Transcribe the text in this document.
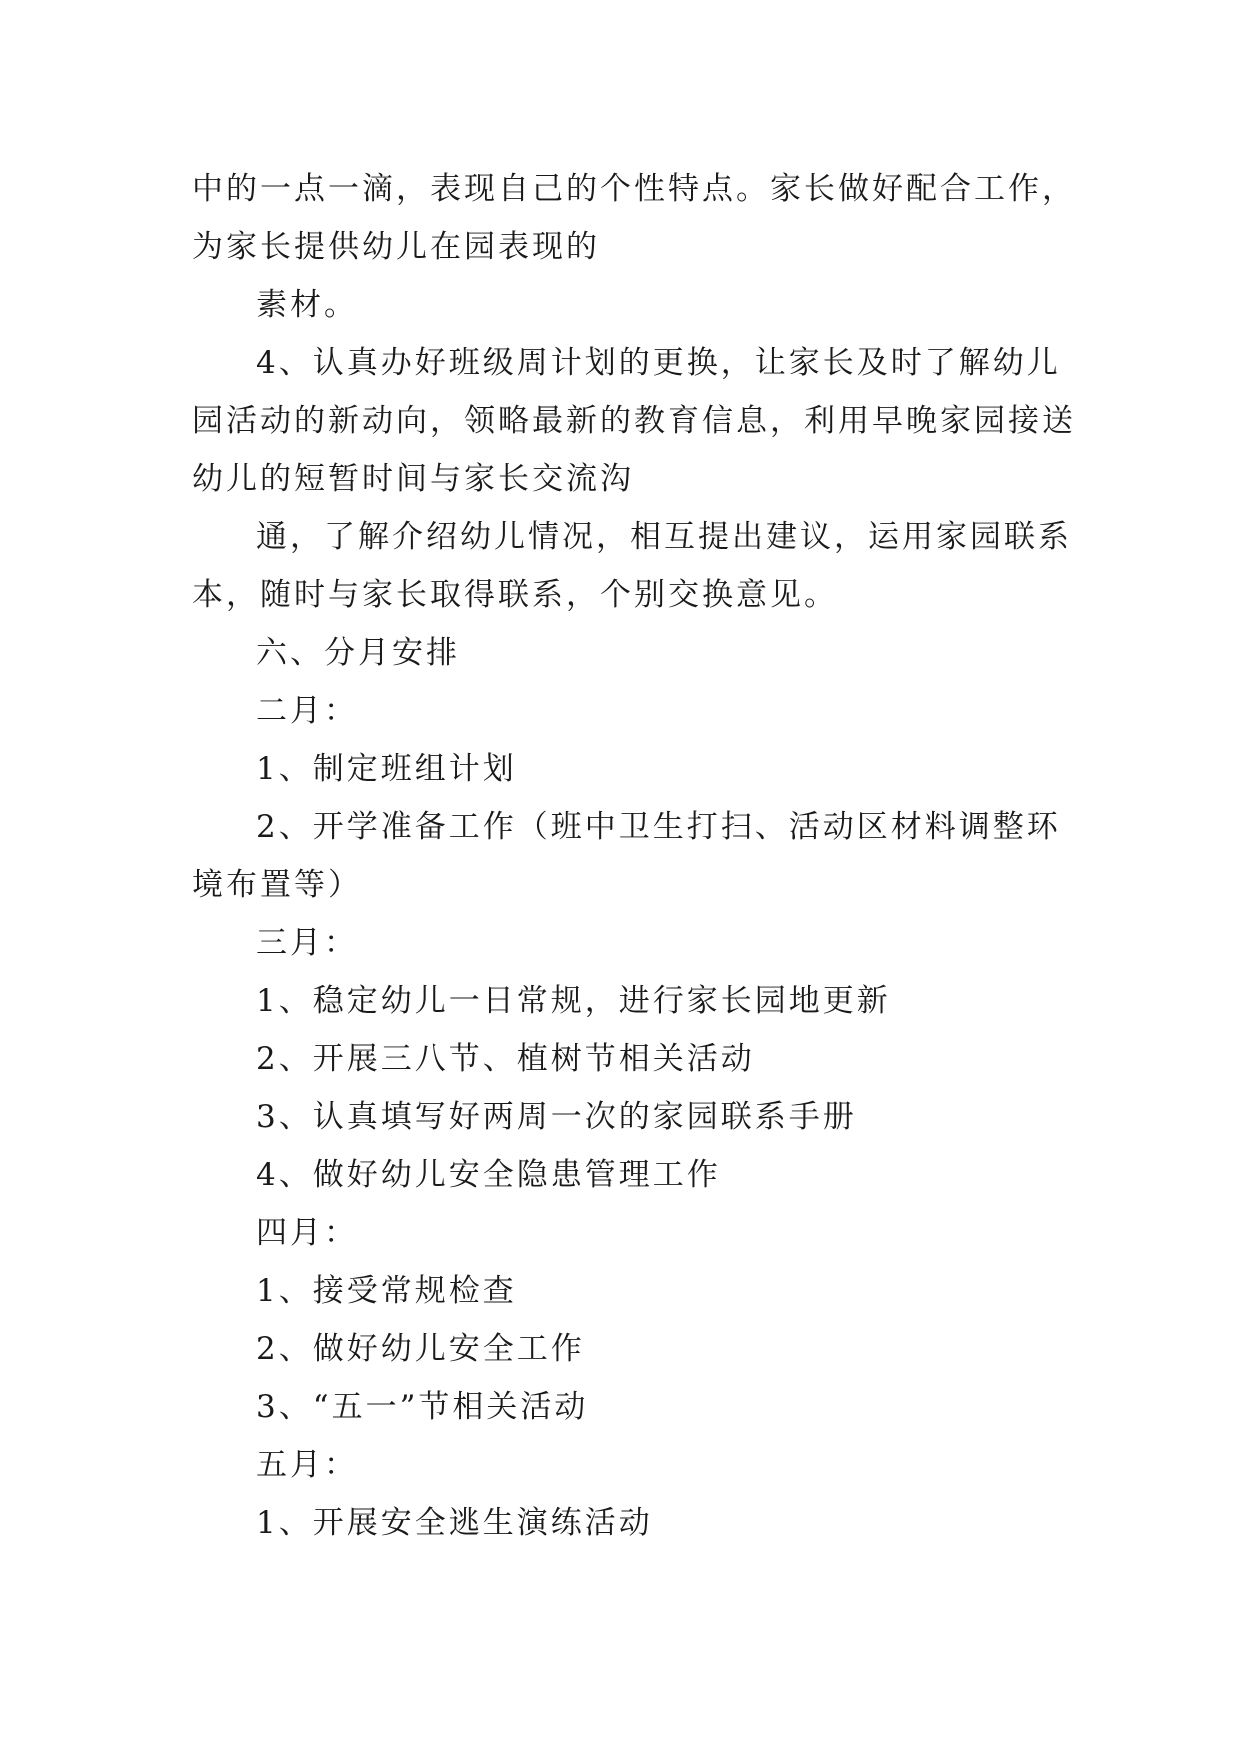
中的一点一滴，表现自己的个性特点。家长做好配合工作，
为家长提供幼儿在园表现的
素材。
4、认真办好班级周计划的更换，让家长及时了解幼儿
园活动的新动向，领略最新的教育信息，利用早晚家园接送
幼儿的短暂时间与家长交流沟
通，了解介绍幼儿情况，相互提出建议，运用家园联系
本，随时与家长取得联系，个别交换意见。
六、分月安排
二月：
1、制定班组计划
2、开学准备工作（班中卫生打扫、活动区材料调整环
境布置等）
三月：
1、稳定幼儿一日常规，进行家长园地更新
2、开展三八节、植树节相关活动
3、认真填写好两周一次的家园联系手册
4、做好幼儿安全隐患管理工作
四月：
1、接受常规检查
2、做好幼儿安全工作
3、“五一”节相关活动
五月：
1、开展安全逃生演练活动
